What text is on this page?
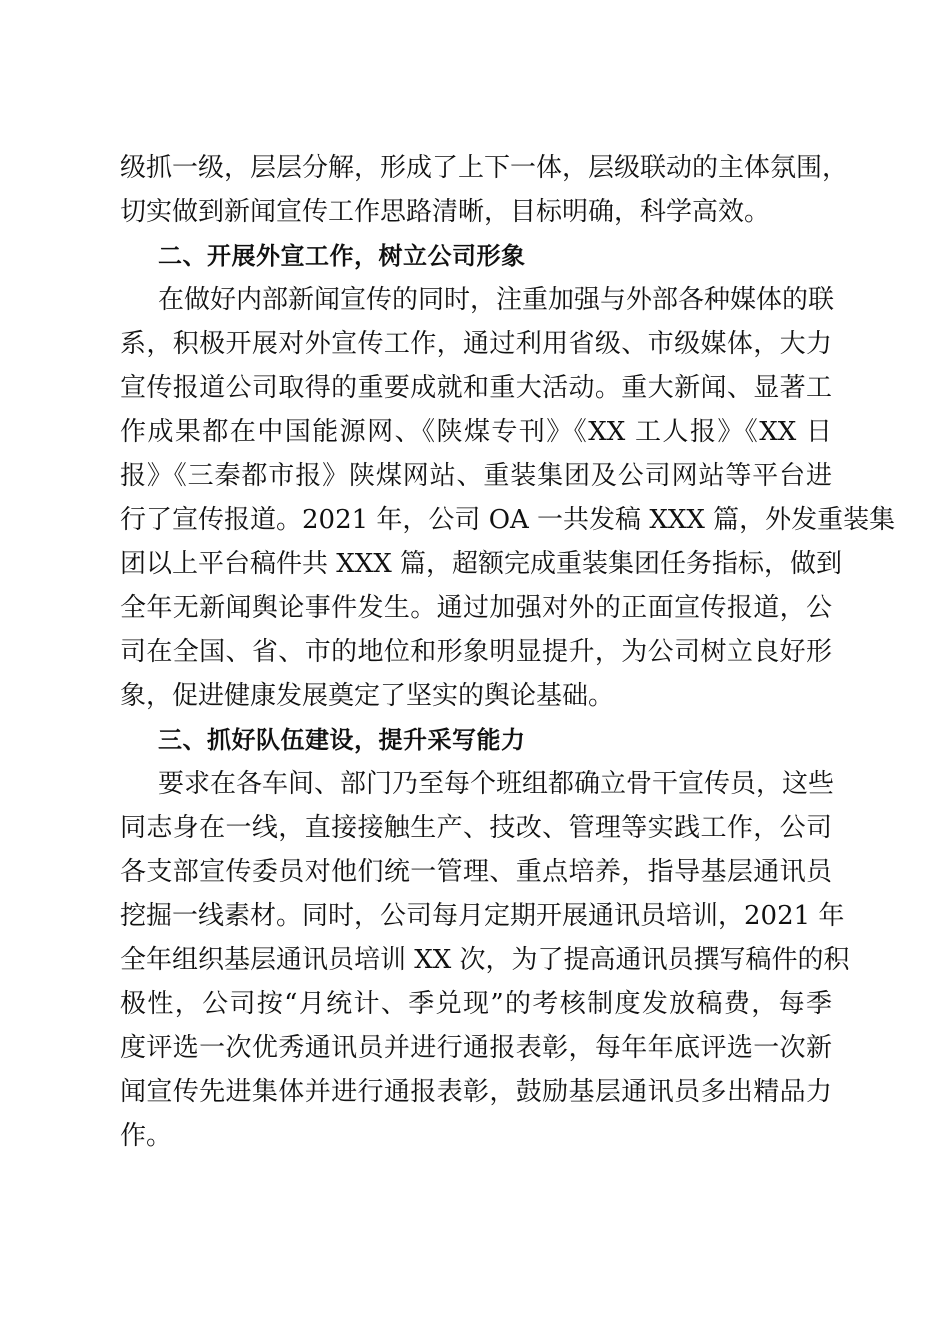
级抓一级，层层分解，形成了上下一体，层级联动的主体氛围，
切实做到新闻宣传工作思路清晰，目标明确，科学高效。
二、开展外宣工作，树立公司形象
在做好内部新闻宣传的同时，注重加强与外部各种媒体的联
系，积极开展对外宣传工作，通过利用省级、市级媒体，大力
宣传报道公司取得的重要成就和重大活动。重大新闻、显著工
作成果都在中国能源网、《陕煤专刊》《XX 工人报》《XX 日
报》《三秦都市报》陕煤网站、重装集团及公司网站等平台进
行了宣传报道。2021 年，公司 OA 一共发稿 XXX 篇，外发重装集
团以上平台稿件共 XXX 篇，超额完成重装集团任务指标，做到
全年无新闻舆论事件发生。通过加强对外的正面宣传报道，公
司在全国、省、市的地位和形象明显提升，为公司树立良好形
象，促进健康发展奠定了坚实的舆论基础。
三、抓好队伍建设，提升采写能力
要求在各车间、部门乃至每个班组都确立骨干宣传员，这些
同志身在一线，直接接触生产、技改、管理等实践工作，公司
各支部宣传委员对他们统一管理、重点培养，指导基层通讯员
挖掘一线素材。同时，公司每月定期开展通讯员培训，2021 年
全年组织基层通讯员培训 XX 次，为了提高通讯员撰写稿件的积
极性，公司按“月统计、季兑现”的考核制度发放稿费，每季
度评选一次优秀通讯员并进行通报表彰，每年年底评选一次新
闻宣传先进集体并进行通报表彰，鼓励基层通讯员多出精品力
作。
